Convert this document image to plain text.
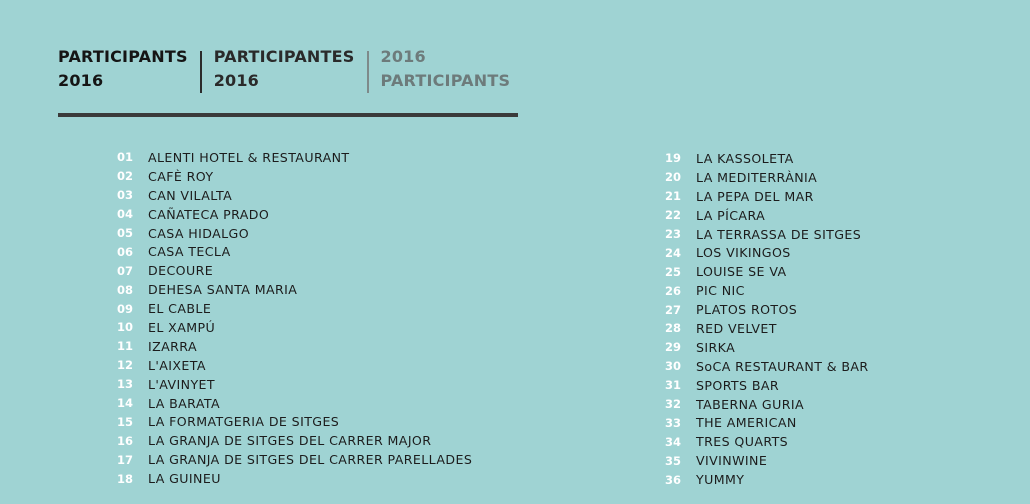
PARTICIPANTS
2016
PARTICIPANTES
2016
2016
PARTICIPANTS
01	ALENTI HOTEL & RESTAURANT
02	CAFÈ ROY
03	CAN VILALTA
04	CAÑATECA PRADO
05	CASA HIDALGO
06	CASA TECLA
07	DECOURE
08	DEHESA SANTA MARIA
09	EL CABLE
10	EL XAMPÚ
11	IZARRA
12	L'AIXETA
13	L'AVINYET
14	LA BARATA
15	LA FORMATGERIA DE SITGES
16	LA GRANJA DE SITGES DEL CARRER MAJOR
17	LA GRANJA DE SITGES DEL CARRER PARELLADES
18	LA GUINEU
19	LA KASSOLETA
20	LA MEDITERRÀNIA
21	LA PEPA DEL MAR
22	LA PÍCARA
23	LA TERRASSA DE SITGES
24	LOS VIKINGOS
25	LOUISE SE VA
26	PIC NIC
27	PLATOS ROTOS
28	RED VELVET
29	SIRKA
30	SoCA RESTAURANT & BAR
31	SPORTS BAR
32	TABERNA GURIA
33	THE AMERICAN
34	TRES QUARTS
35	VIVINWINE
36	YUMMY
